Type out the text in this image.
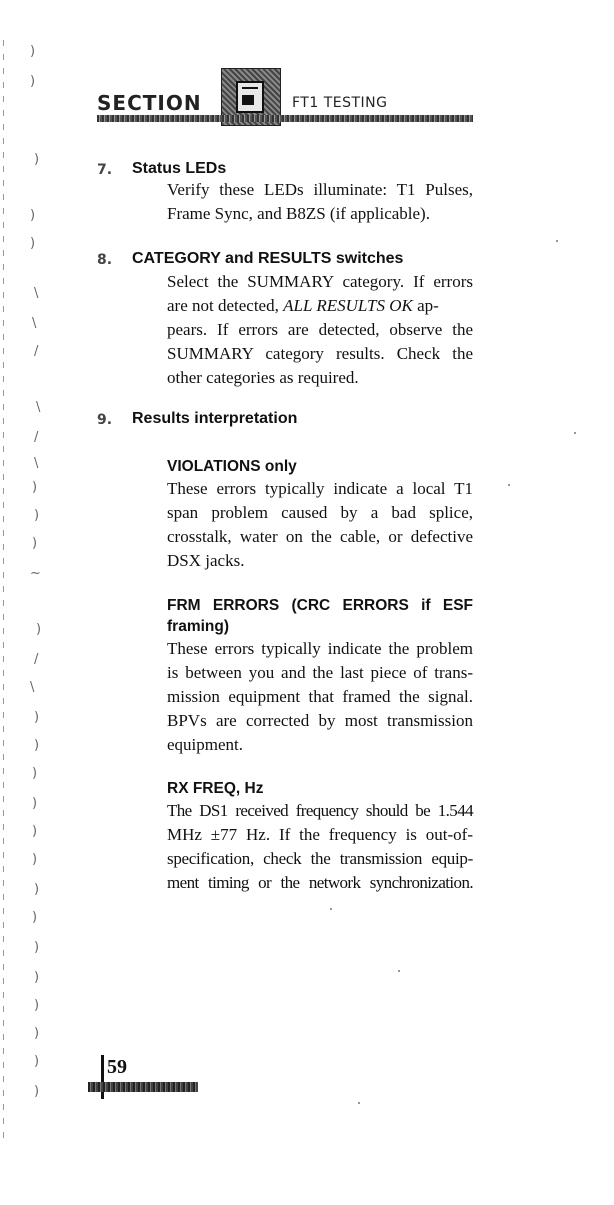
)
)
)
)
)
\
\
/
\
/
\
)
)
)
~
)
/
\
)
)
)
)
)
)
)
)
)
)
)
)
)
)
SECTION	FT1 TESTING
7. Status LEDs
Verify these LEDs illuminate: T1 Pulses,
Frame Sync, and B8ZS (if applicable).
8. CATEGORY and RESULTS switches
Select the SUMMARY category. If errors
are not detected, ALL RESULTS OK ap-
pears. If errors are detected, observe the
SUMMARY category results. Check the
other categories as required.
9. Results interpretation
VIOLATIONS only
These errors typically indicate a local T1
span problem caused by a bad splice,
crosstalk, water on the cable, or defective
DSX jacks.
FRM ERRORS (CRC ERRORS if ESF
framing)
These errors typically indicate the problem
is between you and the last piece of trans-
mission equipment that framed the signal.
BPVs are corrected by most transmission
equipment.
RX FREQ, Hz
The DS1 received frequency should be 1.544
MHz ±77 Hz. If the frequency is out-of-
specification, check the transmission equip-
ment timing or the network synchronization.
59
